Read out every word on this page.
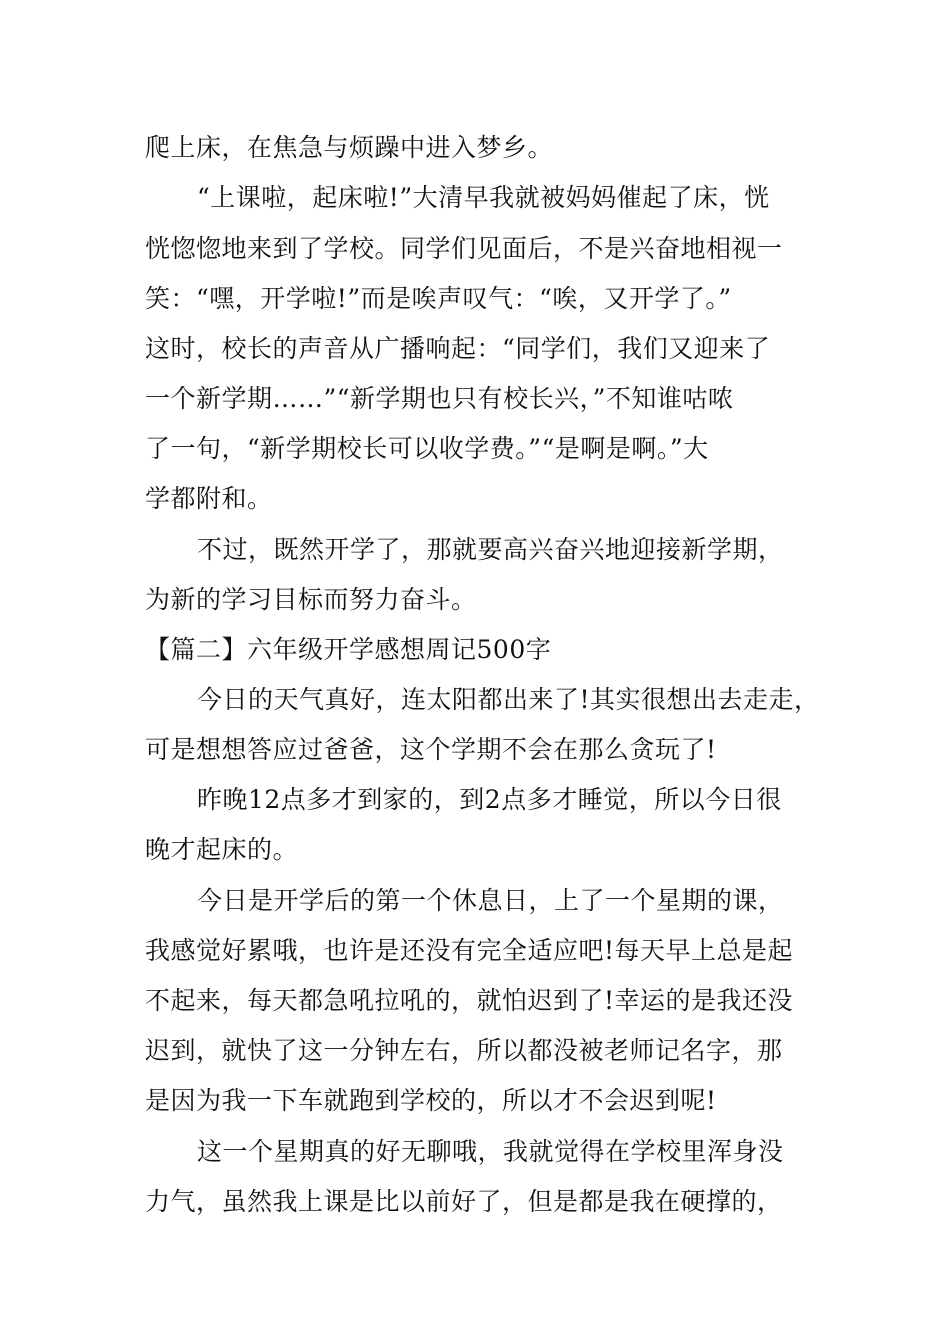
爬上床，在焦急与烦躁中进入梦乡。
“上课啦，起床啦!”大清早我就被妈妈催起了床，恍
恍惚惚地来到了学校。同学们见面后，不是兴奋地相视一
笑：“嘿，开学啦!”而是唉声叹气：“唉，又开学了。”
这时，校长的声音从广播响起：“同学们，我们又迎来了
一个新学期……”“新学期也只有校长兴，”不知谁咕哝
了一句，“新学期校长可以收学费。”“是啊是啊。”大
学都附和。
不过，既然开学了，那就要高兴奋兴地迎接新学期，
为新的学习目标而努力奋斗。
【篇二】六年级开学感想周记500字
今日的天气真好，连太阳都出来了!其实很想出去走走，
可是想想答应过爸爸，这个学期不会在那么贪玩了!
昨晚12点多才到家的，到2点多才睡觉，所以今日很
晚才起床的。
今日是开学后的第一个休息日，上了一个星期的课，
我感觉好累哦，也许是还没有完全适应吧!每天早上总是起
不起来，每天都急吼拉吼的，就怕迟到了!幸运的是我还没
迟到，就快了这一分钟左右，所以都没被老师记名字，那
是因为我一下车就跑到学校的，所以才不会迟到呢!
这一个星期真的好无聊哦，我就觉得在学校里浑身没
力气，虽然我上课是比以前好了，但是都是我在硬撑的，
